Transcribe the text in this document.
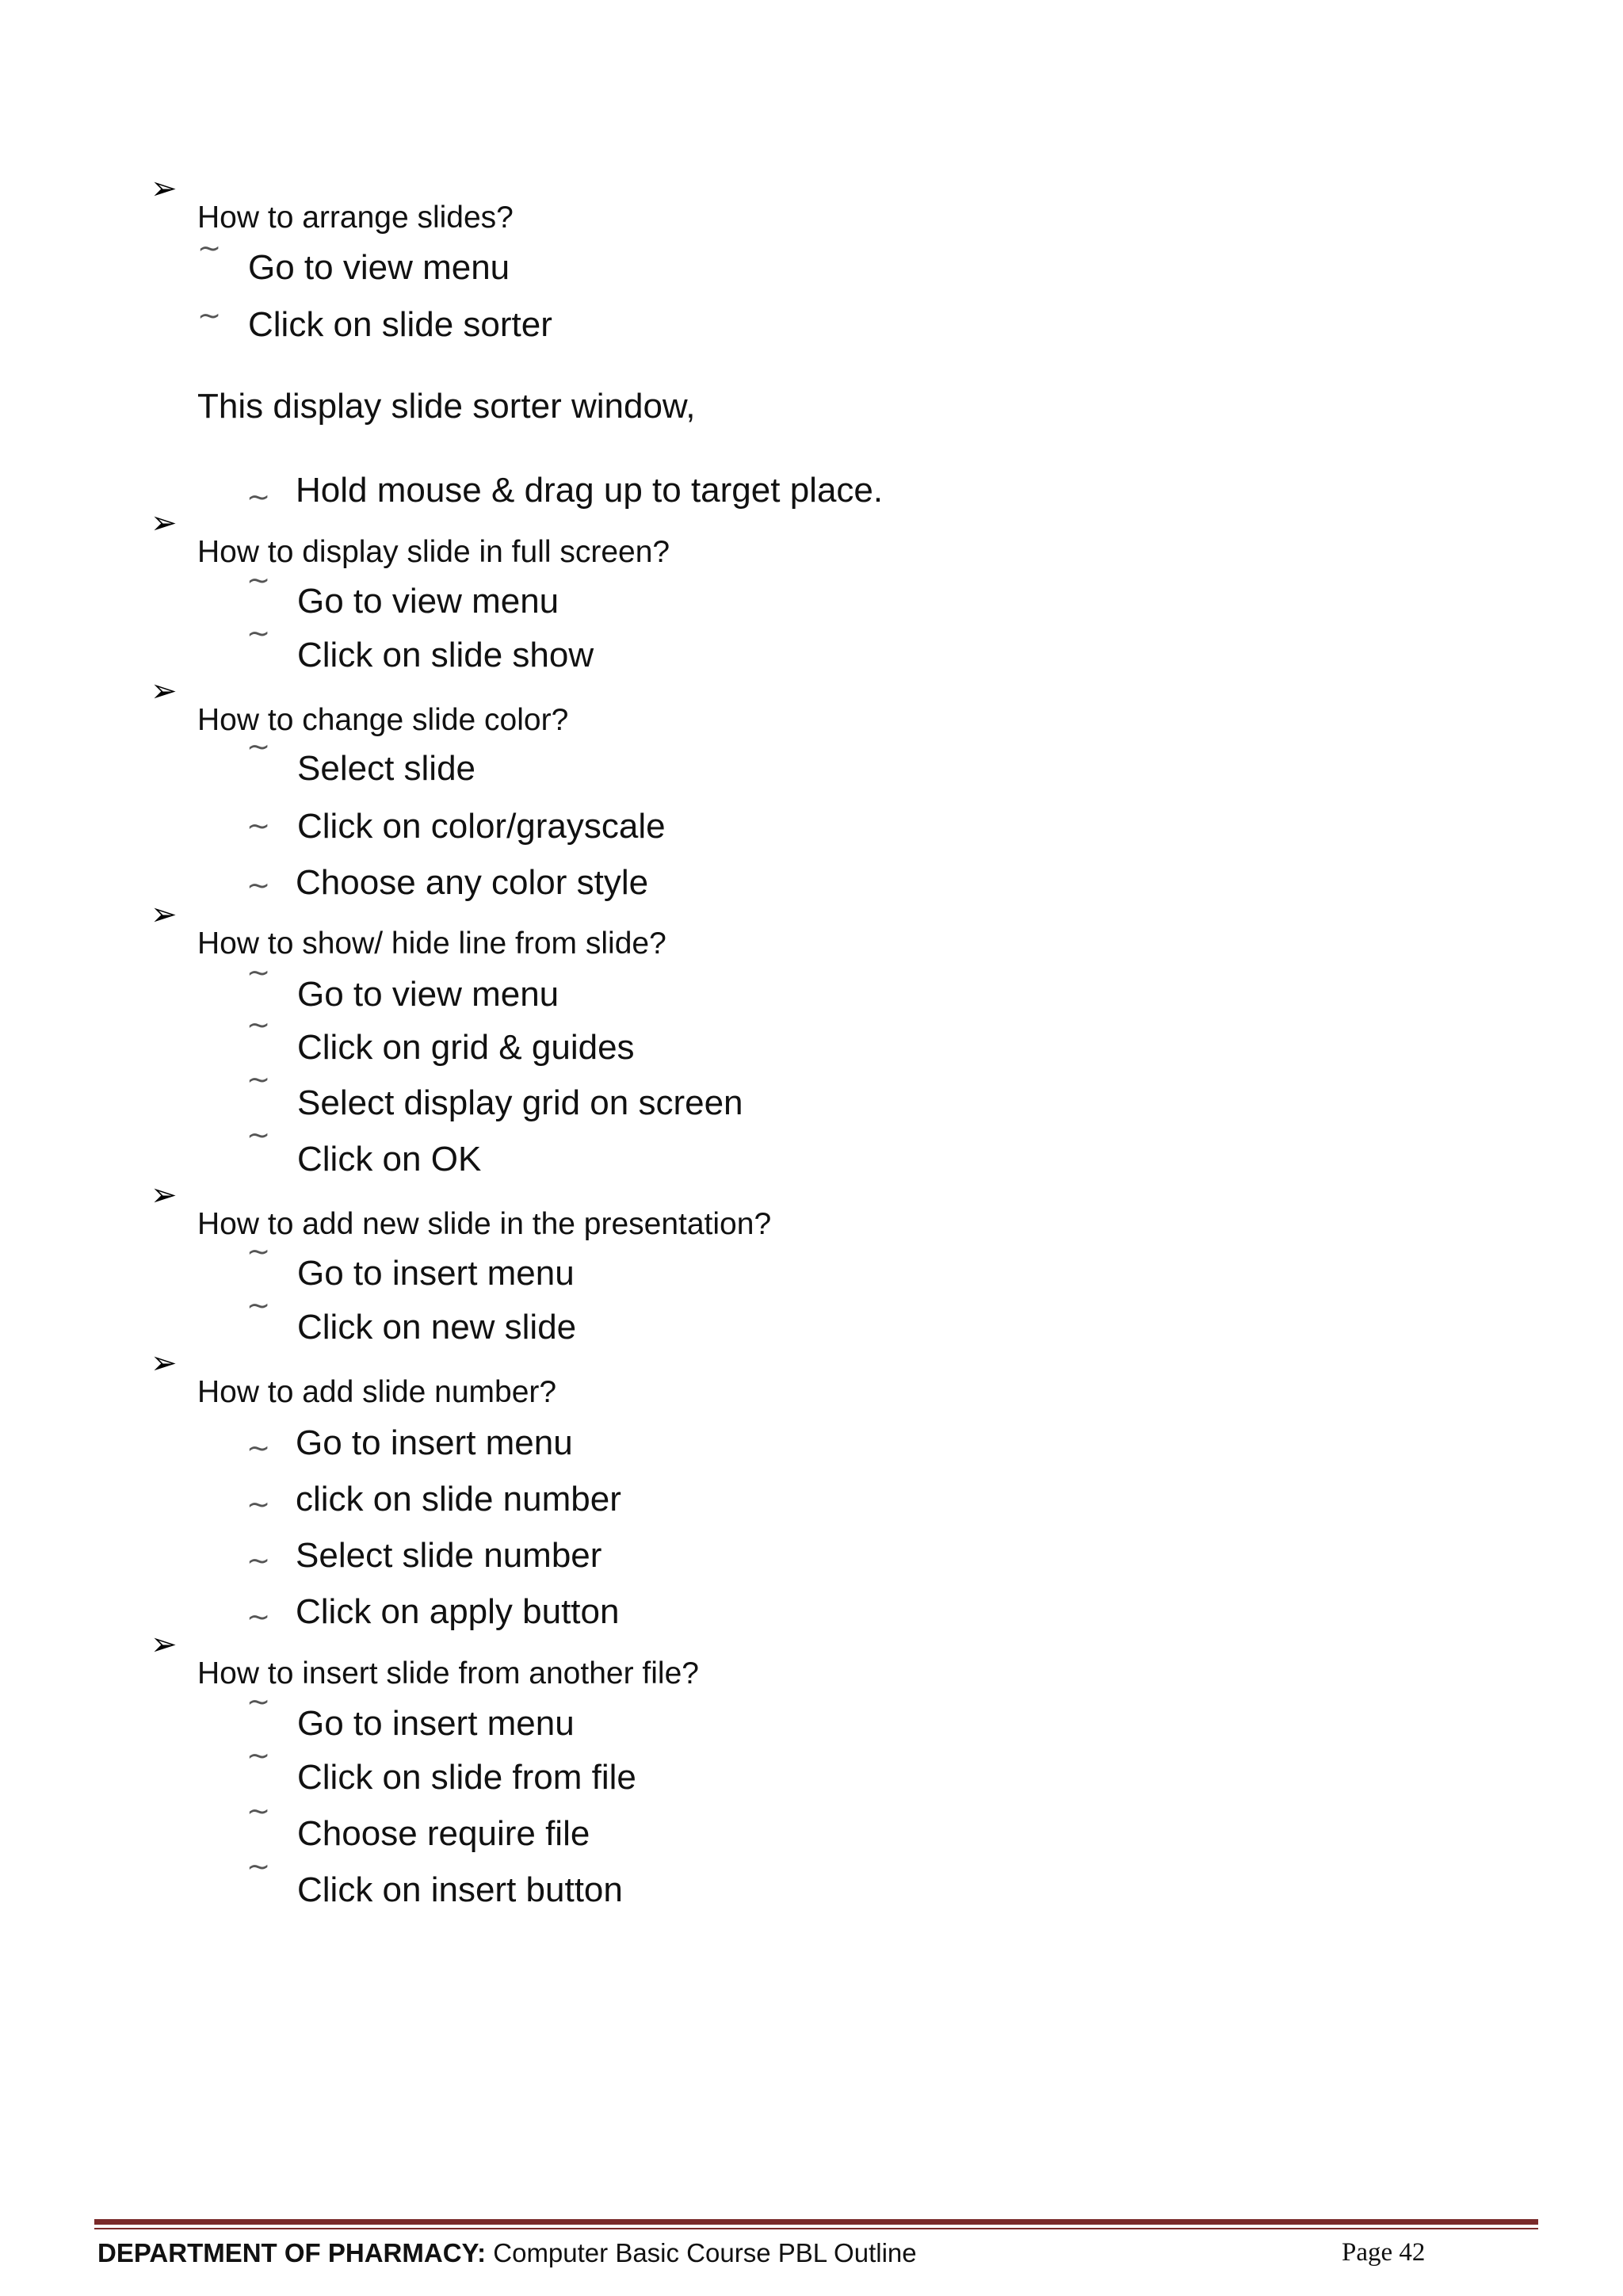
➢
How to arrange slides?
~ Go to view menu
~ Click on slide sorter
This display slide sorter window,
~ Hold mouse & drag up to target place.
➢
How to display slide in full screen?
~
Go to view menu
~
Click on slide show
➢
How to change slide color?
~
Select slide
~ Click on color/grayscale
~ Choose any color style
➢
How to show/ hide line from slide?
~
Go to view menu
~
Click on grid & guides
~
Select display grid on screen
~
Click on OK
➢
How to add new slide in the presentation?
~
Go to insert menu
~
Click on new slide
➢
How to add slide number?
~ Go to insert menu
~ click on slide number
~ Select slide number
~ Click on apply button
➢
How to insert slide from another file?
~
Go to insert menu
~
Click on slide from file
~
Choose require file
~
Click on insert button
DEPARTMENT OF PHARMACY: Computer Basic Course PBL Outline	Page 42
